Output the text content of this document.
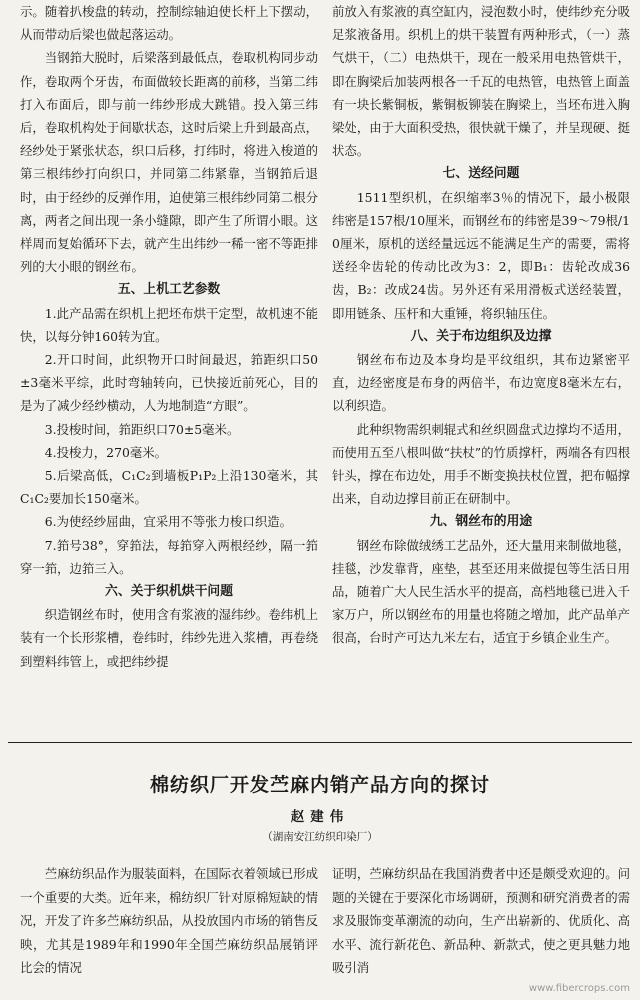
示。随着扒梭盘的转动，控制综轴迫使长杆上下摆动，从而带动后梁也做起落运动。

当钢筘大脱时，后梁落到最低点，卷取机构同步动作，卷取两个牙齿，布面做较长距离的前移，当第二纬打入布面后，即与前一纬纱形成大跳错。投入第三纬后，卷取机构处于间歇状态，这时后梁上升到最高点，经纱处于紧张状态，织口后移，打纬时，将进入梭道的第三根纬纱打向织口，并同第二纬紧靠，当钢筘后退时，由于经纱的反弹作用，迫使第三根纬纱同第二根分离，两者之间出现一条小缝隙，即产生了所谓小眼。这样周而复始循环下去，就产生出纬纱一稀一密不等距排列的大小眼的钢丝布。

五、上机工艺参数

1.此产品需在织机上把坯布烘干定型，故机速不能快，以每分钟160转为宜。

2.开口时间，此织物开口时间最迟，筘距织口50±3毫米平综，此时弯轴转向，已快接近前死心，目的是为了减少经纱横动，人为地制造“方眼”。

3.投梭时间，筘距织口70±5毫米。

4.投梭力，270毫米。

5.后梁高低，C₁C₂到墙板P₁P₂上沿130毫米，其C₁C₂要加长150毫米。

6.为使经纱屈曲，宜采用不等张力梭口织造。

7.筘号38°，穿筘法，每筘穿入两根经纱，隔一筘穿一筘，边筘三入。

六、关于织机烘干问题

织造钢丝布时，使用含有浆液的湿纬纱。卷纬机上装有一个长形浆槽，卷纬时，纬纱先进入浆槽，再卷绕到塑料纬管上，或把纬纱提

前放入有浆液的真空缸内，浸泡数小时，使纬纱充分吸足浆液备用。织机上的烘干装置有两种形式，（一）蒸气烘干，（二）电热烘干，现在一般采用电热管烘干，即在胸梁后加装两根各一千瓦的电热管，电热管上面盖有一块长紫铜板，紫铜板铆装在胸梁上，当坯布进入胸梁处，由于大面积受热，很快就干燥了，并呈现硬、挺状态。

七、送经问题

1511型织机，在织缩率3％的情况下，最小极限纬密是157根/10厘米，而钢丝布的纬密是39～79根/10厘米，原机的送经量远远不能满足生产的需要，需将送经伞齿轮的传动比改为3：2，即B₁：齿轮改成36齿，B₂：改成24齿。另外还有采用滑板式送经装置，即用链条、压杆和大重锤，将织轴压住。

八、关于布边组织及边撑

钢丝布布边及本身均是平纹组织，其布边紧密平直，边经密度是布身的两倍半，布边宽度8毫米左右，以利织造。

此种织物需织刺辊式和丝织圆盘式边撑均不适用，而使用五至八根叫做“扶杖”的竹质撑杆，两端各有四根针头，撑在布边处，用手不断变换扶杖位置，把布幅撑出来，自动边撑目前正在研制中。

九、钢丝布的用途

钢丝布除做绒绣工艺品外，还大量用来制做地毯，挂毯，沙发靠背，座垫，甚至还用来做提包等生活日用品，随着广大人民生活水平的提高，高档地毯已进入千家万户，所以钢丝布的用量也将随之增加，此产品单产很高，台时产可达九米左右，适宜于乡镇企业生产。

棉纺织厂开发苎麻内销产品方向的探讨
赵建伟
（湖南安江纺织印染厂）

苎麻纺织品作为服装面料，在国际衣着领域已形成一个重要的大类。近年来，棉纺织厂针对原棉短缺的情况，开发了许多苎麻纺织品，从投放国内市场的销售反映，尤其是1989年和1990年全国苎麻纺织品展销评比会的情况

证明，苎麻纺织品在我国消费者中还是颇受欢迎的。问题的关键在于要深化市场调研，预测和研究消费者的需求及服饰变革潮流的动向，生产出崭新的、优质化、高水平、流行新花色、新品种、新款式，使之更具魅力地吸引消

www.fibercrops.com
